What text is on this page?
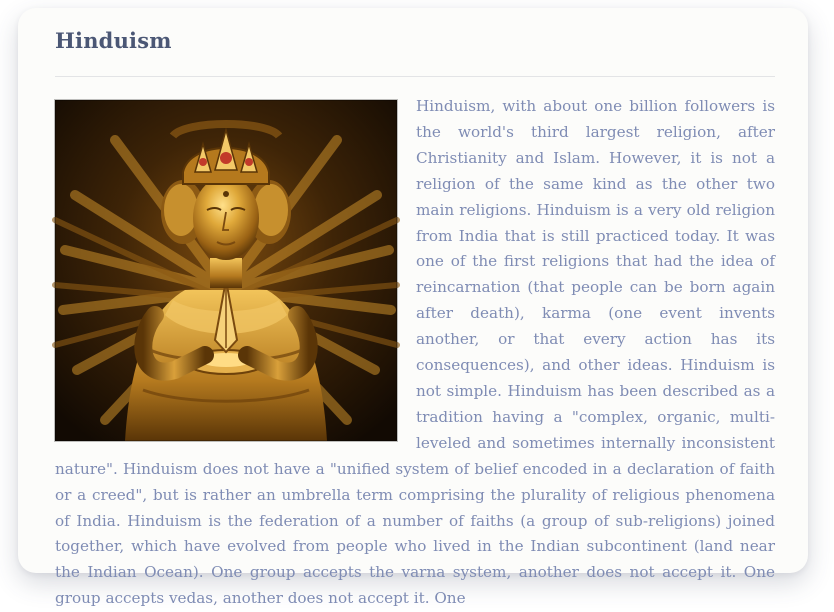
Hinduism
Hinduism, with about one billion followers is the world's third largest religion, after Christianity and Islam. However, it is not a religion of the same kind as the other two main religions. Hinduism is a very old religion from India that is still practiced today. It was one of the first religions that had the idea of reincarnation (that people can be born again after death), karma (one event invents another, or that every action has its consequences), and other ideas. Hinduism is not simple. Hinduism has been described as a tradition having a "complex, organic, multi-leveled and sometimes internally inconsistent nature". Hinduism does not have a "unified system of belief encoded in a declaration of faith or a creed", but is rather an umbrella term comprising the plurality of religious phenomena of India. Hinduism is the federation of a number of faiths (a group of sub-religions) joined together, which have evolved from people who lived in the Indian subcontinent (land near the Indian Ocean). One group accepts the varna system, another does not accept it. One group accepts vedas, another does not accept it. One
